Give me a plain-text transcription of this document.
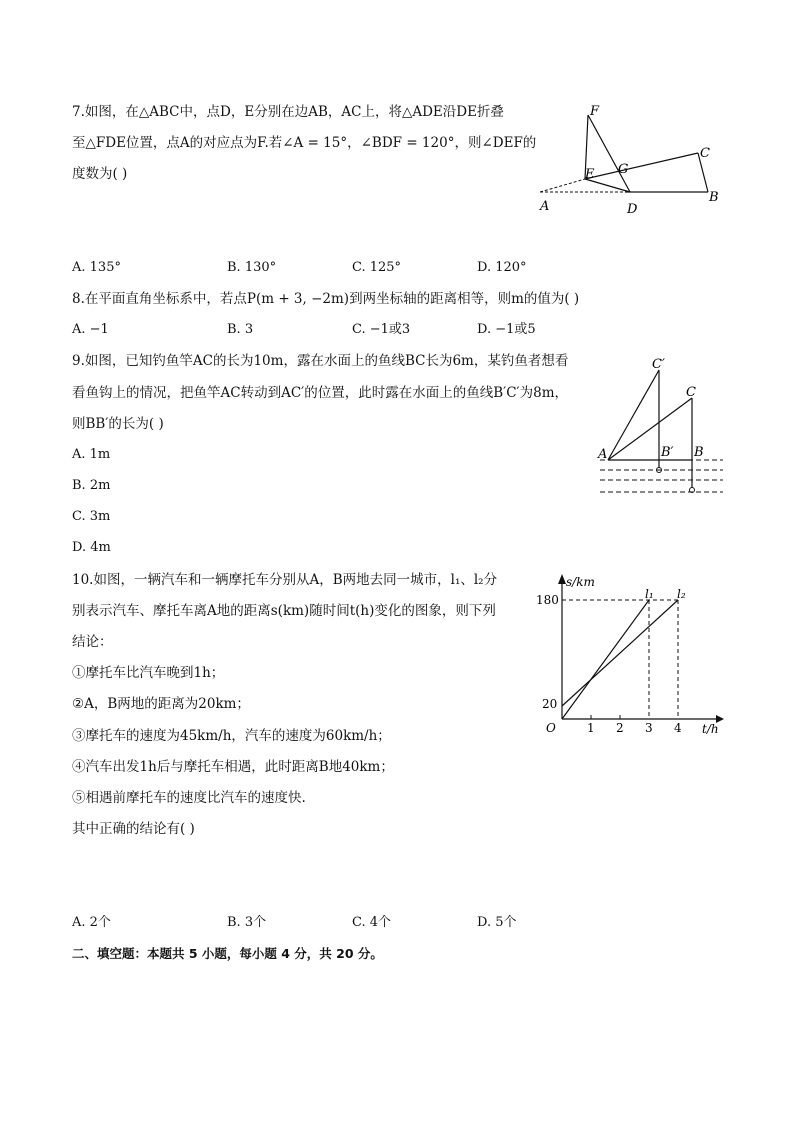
7.如图，在△ABC中，点D，E分别在边AB，AC上，将△ADE沿DE折叠
至△FDE位置，点A的对应点为F.若∠A = 15°，∠BDF = 120°，则∠DEF的
度数为( )
F
C
G
E
A	D
B
A. 135°	B. 130°	C. 125°	D. 120°
8.在平面直角坐标系中，若点P(m + 3, −2m)到两坐标轴的距离相等，则m的值为( )
A. −1	B. 3	C. −1或3	D. −1或5
9.如图，已知钓鱼竿AC的长为10m，露在水面上的鱼线BC长为6m，某钓鱼者想看
看鱼钩上的情况，把鱼竿AC转动到AC′的位置，此时露在水面上的鱼线B′C′为8m，
则BB′的长为( )
A. 1m
B. 2m
C. 3m
D. 4m
C′
C
A	B′ B
10.如图，一辆汽车和一辆摩托车分别从A，B两地去同一城市，l₁、l₂分
别表示汽车、摩托车离A地的距离s(km)随时间t(h)变化的图象，则下列
结论：
①摩托车比汽车晚到1h；
②A，B两地的距离为20km；
③摩托车的速度为45km/h，汽车的速度为60km/h；
④汽车出发1h后与摩托车相遇，此时距离B地40km；
⑤相遇前摩托车的速度比汽车的速度快.
其中正确的结论有( )
s/km
t/h
O
l₁ l₂
180
20
1 2 3 4
A. 2个	B. 3个	C. 4个	D. 5个
二、填空题：本题共 5 小题，每小题 4 分，共 20 分。
